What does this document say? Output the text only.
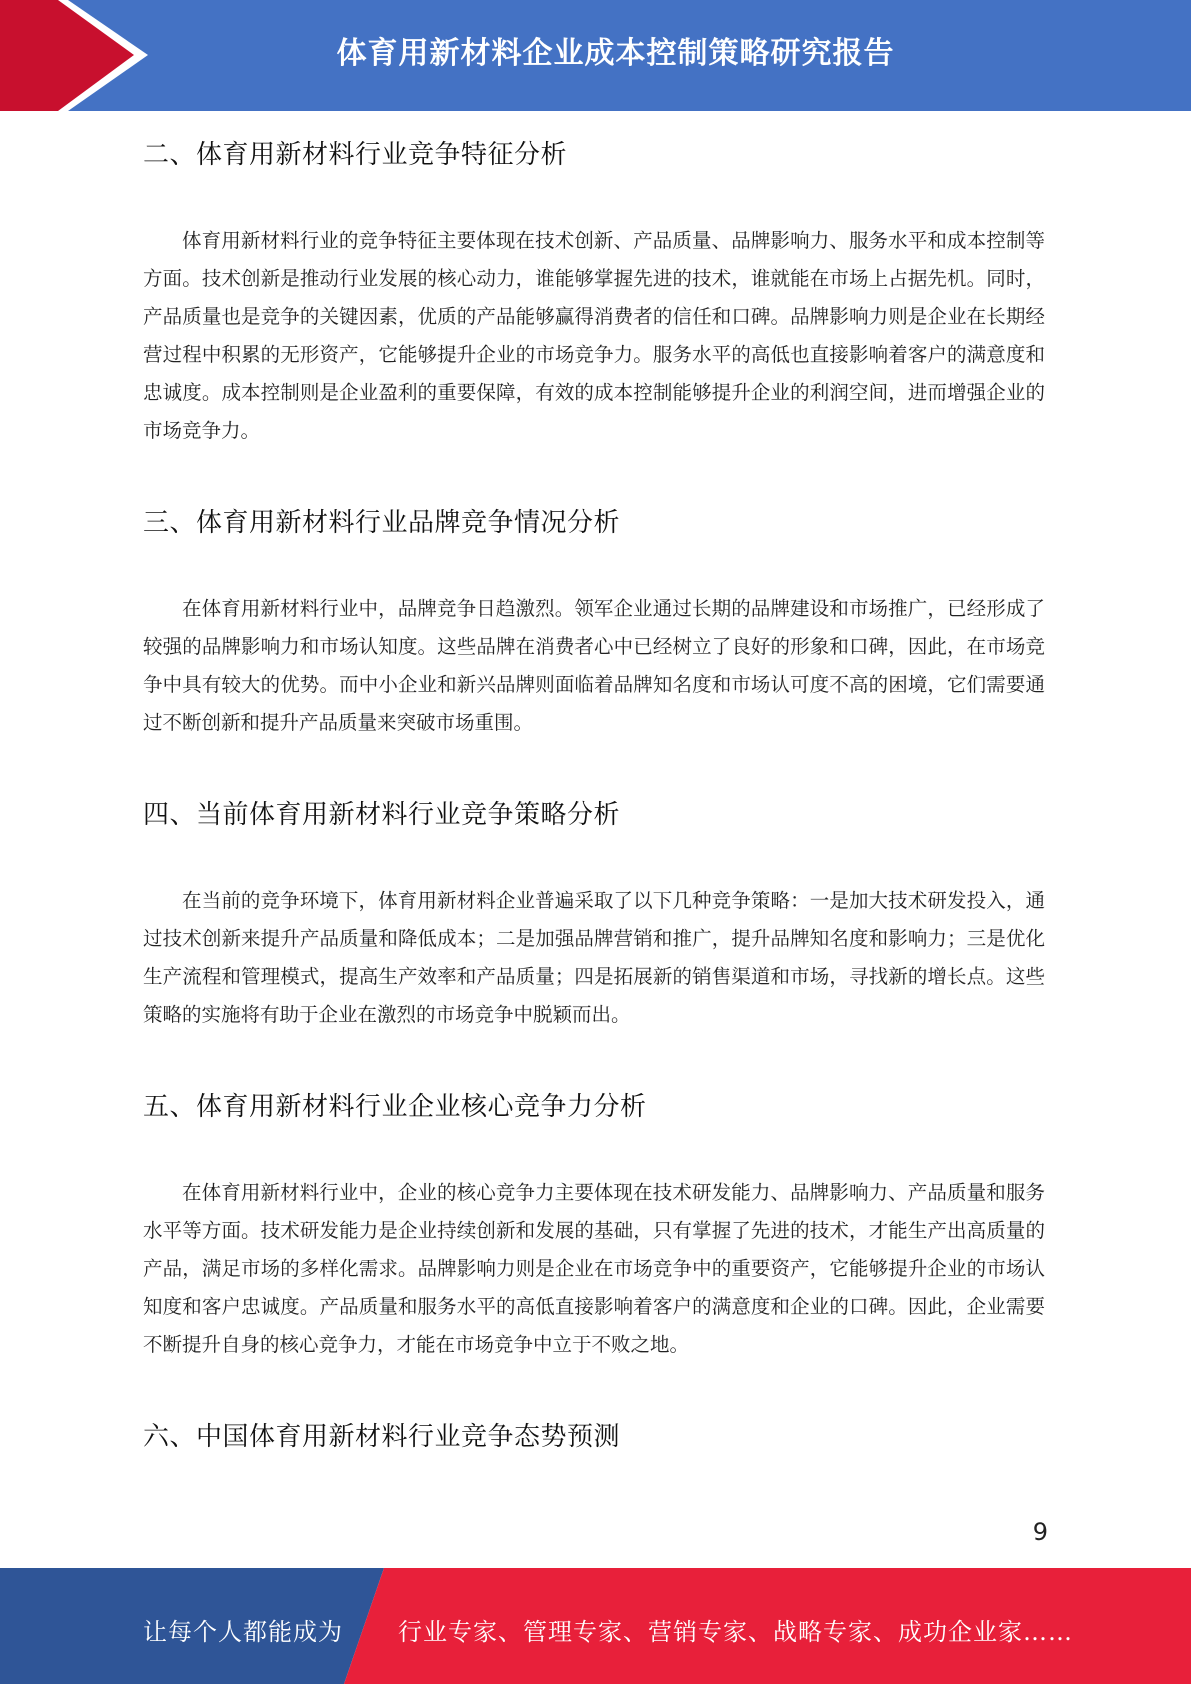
体育用新材料企业成本控制策略研究报告
二、体育用新材料行业竞争特征分析

体育用新材料行业的竞争特征主要体现在技术创新、产品质量、品牌影响力、服务水平和成本控制等方面。技术创新是推动行业发展的核心动力，谁能够掌握先进的技术，谁就能在市场上占据先机。同时，产品质量也是竞争的关键因素，优质的产品能够赢得消费者的信任和口碑。品牌影响力则是企业在长期经营过程中积累的无形资产，它能够提升企业的市场竞争力。服务水平的高低也直接影响着客户的满意度和忠诚度。成本控制则是企业盈利的重要保障，有效的成本控制能够提升企业的利润空间，进而增强企业的市场竞争力。

三、体育用新材料行业品牌竞争情况分析

在体育用新材料行业中，品牌竞争日趋激烈。领军企业通过长期的品牌建设和市场推广，已经形成了较强的品牌影响力和市场认知度。这些品牌在消费者心中已经树立了良好的形象和口碑，因此，在市场竞争中具有较大的优势。而中小企业和新兴品牌则面临着品牌知名度和市场认可度不高的困境，它们需要通过不断创新和提升产品质量来突破市场重围。

四、当前体育用新材料行业竞争策略分析

在当前的竞争环境下，体育用新材料企业普遍采取了以下几种竞争策略：一是加大技术研发投入，通过技术创新来提升产品质量和降低成本；二是加强品牌营销和推广，提升品牌知名度和影响力；三是优化生产流程和管理模式，提高生产效率和产品质量；四是拓展新的销售渠道和市场，寻找新的增长点。这些策略的实施将有助于企业在激烈的市场竞争中脱颖而出。

五、体育用新材料行业企业核心竞争力分析

在体育用新材料行业中，企业的核心竞争力主要体现在技术研发能力、品牌影响力、产品质量和服务水平等方面。技术研发能力是企业持续创新和发展的基础，只有掌握了先进的技术，才能生产出高质量的产品，满足市场的多样化需求。品牌影响力则是企业在市场竞争中的重要资产，它能够提升企业的市场认知度和客户忠诚度。产品质量和服务水平的高低直接影响着客户的满意度和企业的口碑。因此，企业需要不断提升自身的核心竞争力，才能在市场竞争中立于不败之地。

六、中国体育用新材料行业竞争态势预测
9
让每个人都能成为 行业专家、管理专家、营销专家、战略专家、成功企业家……
